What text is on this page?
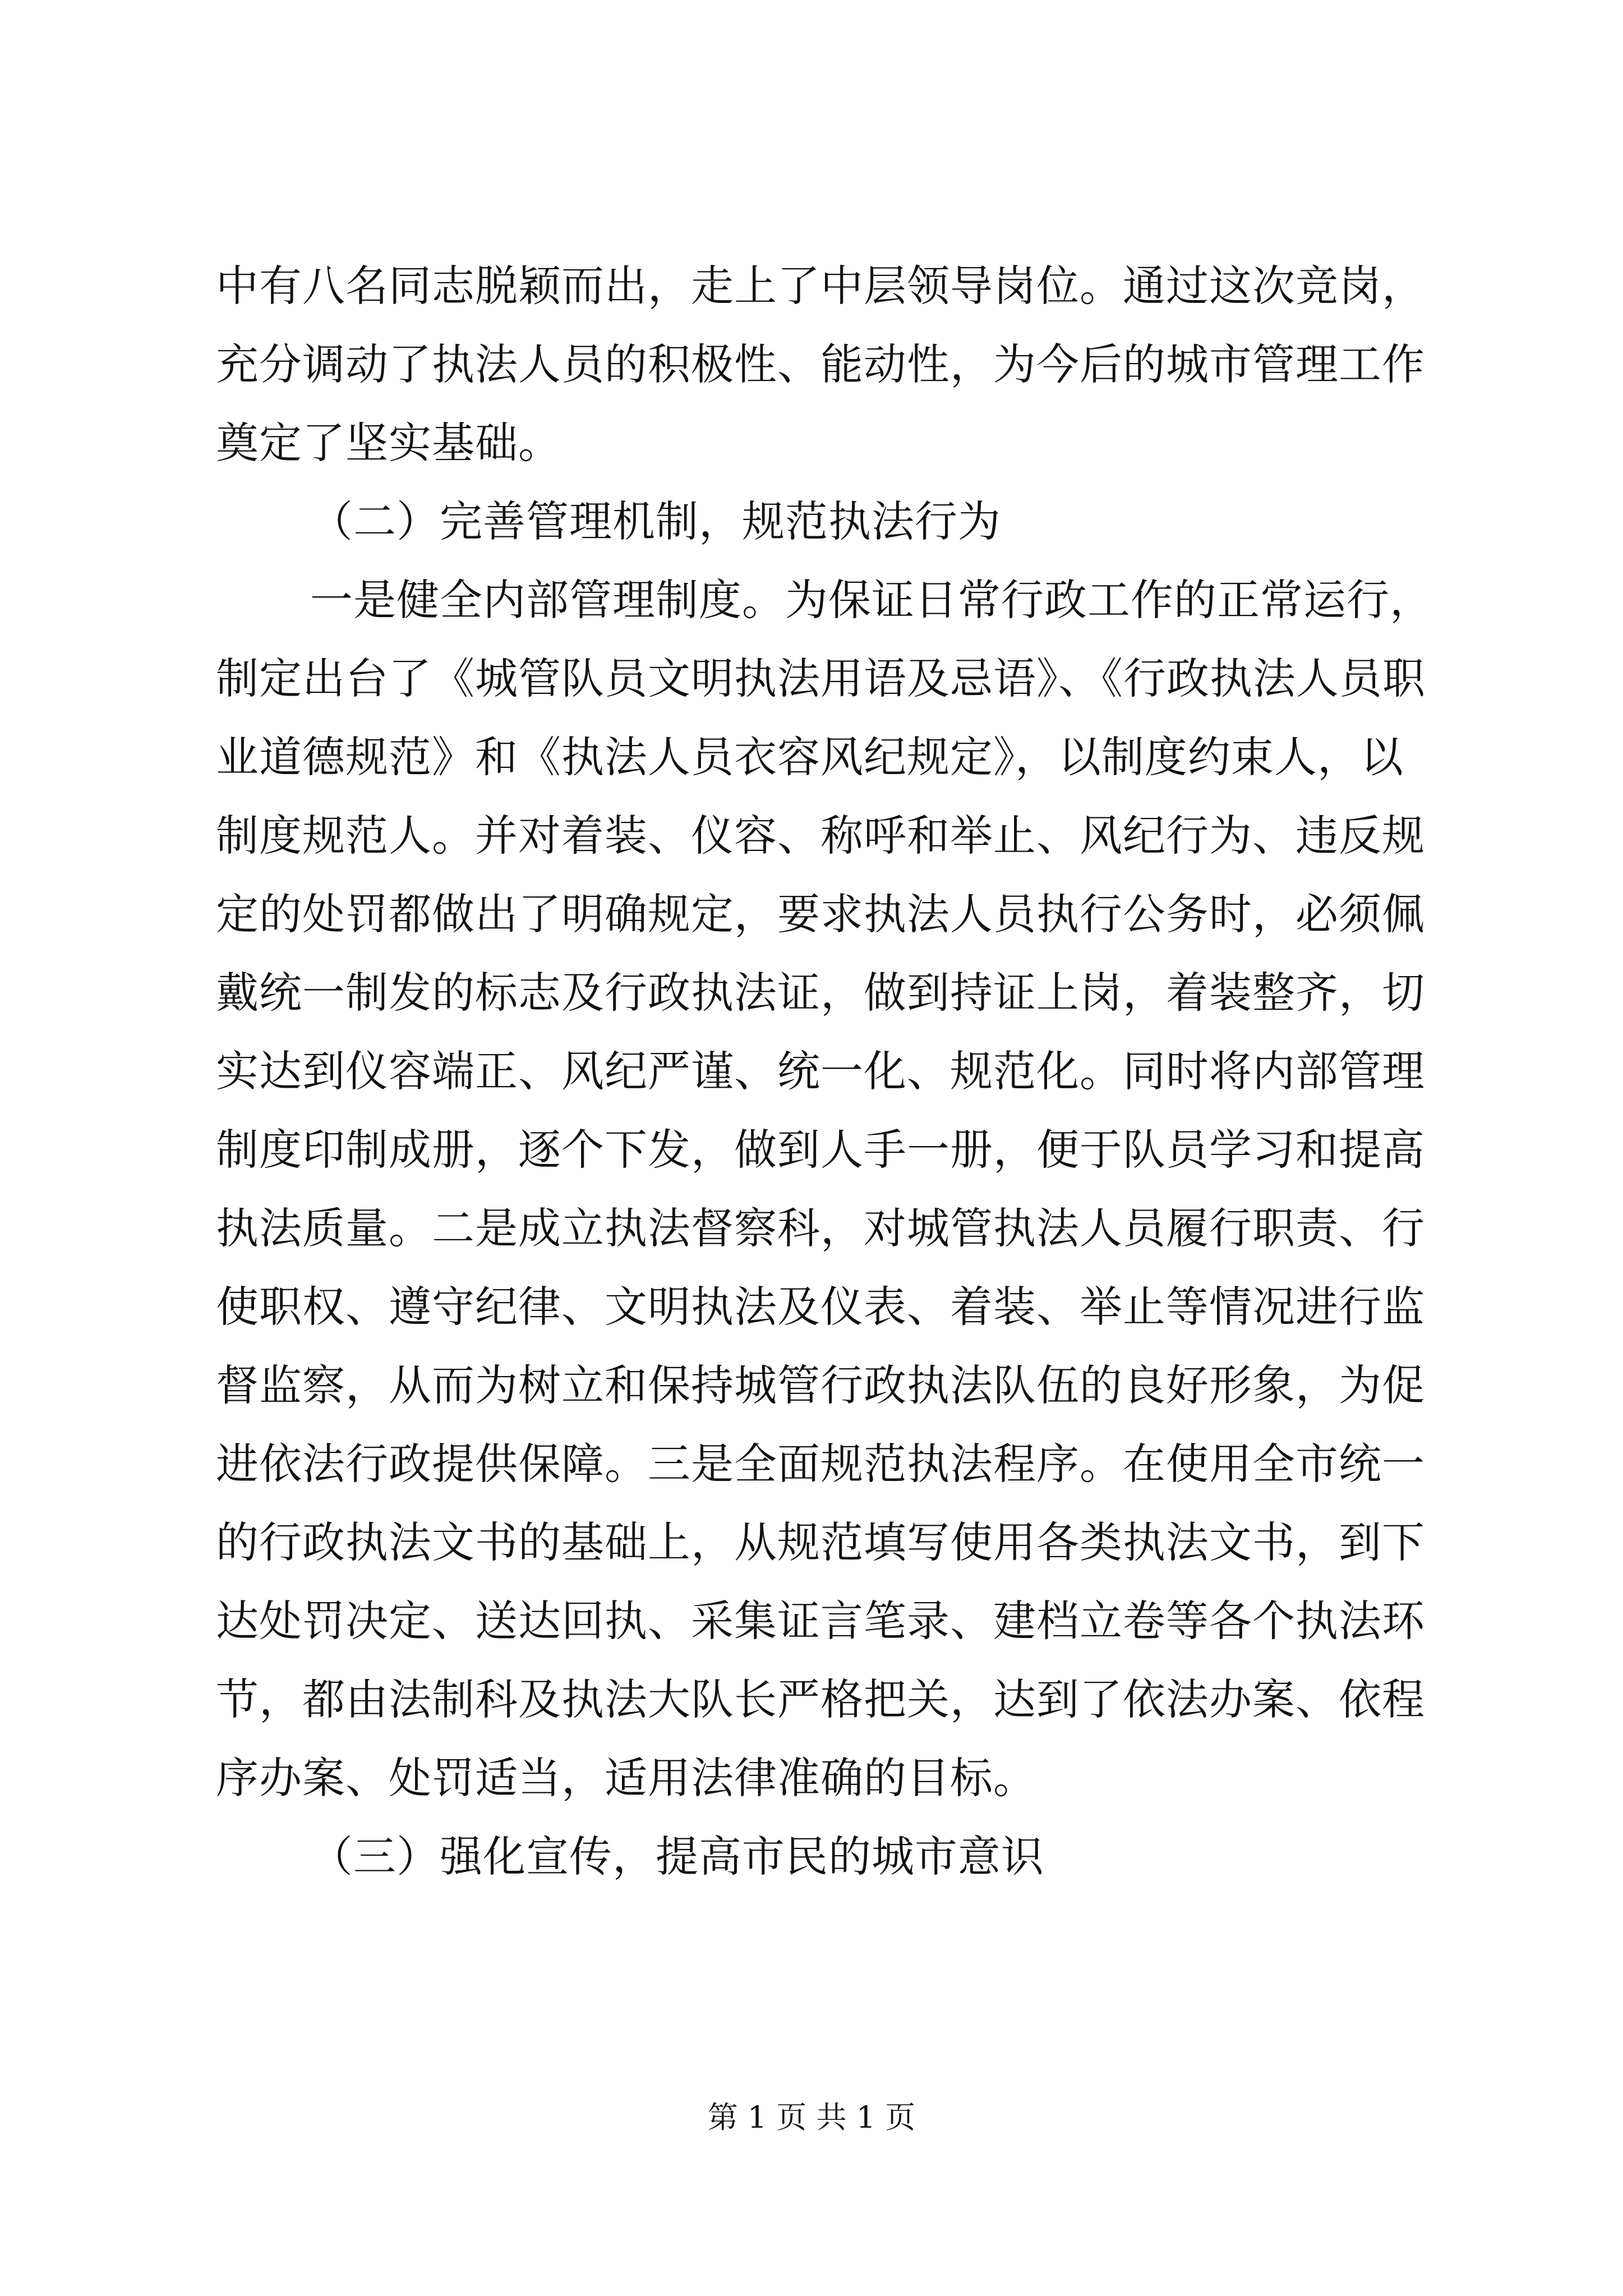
中有八名同志脱颖而出，走上了中层领导岗位。通过这次竞岗，
充分调动了执法人员的积极性、能动性，为今后的城市管理工作
奠定了坚实基础。
（二）完善管理机制，规范执法行为
一是健全内部管理制度。为保证日常行政工作的正常运行，
制定出台了《城管队员文明执法用语及忌语》、《行政执法人员职
业道德规范》和《执法人员衣容风纪规定》，以制度约束人，以
制度规范人。并对着装、仪容、称呼和举止、风纪行为、违反规
定的处罚都做出了明确规定，要求执法人员执行公务时，必须佩
戴统一制发的标志及行政执法证，做到持证上岗，着装整齐，切
实达到仪容端正、风纪严谨、统一化、规范化。同时将内部管理
制度印制成册，逐个下发，做到人手一册，便于队员学习和提高
执法质量。二是成立执法督察科，对城管执法人员履行职责、行
使职权、遵守纪律、文明执法及仪表、着装、举止等情况进行监
督监察，从而为树立和保持城管行政执法队伍的良好形象，为促
进依法行政提供保障。三是全面规范执法程序。在使用全市统一
的行政执法文书的基础上，从规范填写使用各类执法文书，到下
达处罚决定、送达回执、采集证言笔录、建档立卷等各个执法环
节，都由法制科及执法大队长严格把关，达到了依法办案、依程
序办案、处罚适当，适用法律准确的目标。
（三）强化宣传，提高市民的城市意识
第 1 页 共 1 页
